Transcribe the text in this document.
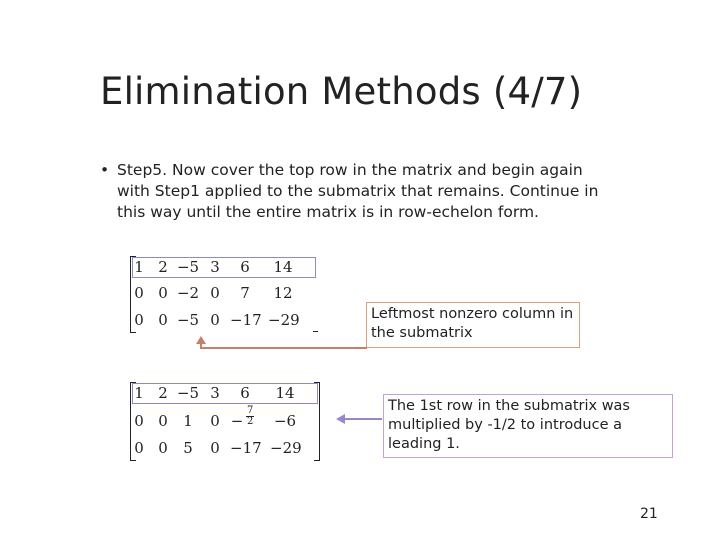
Elimination Methods (4/7)
• Step5. Now cover the top row in the matrix and begin again with Step1 applied to the submatrix that remains. Continue in this way until the entire matrix is in row-echelon form.
1 2 −5 3	6	14
0 0 −2 0	7	12
0 0 −5 0 −17 −29
1 2 −5 3	6	14
0 0	1	$0 - \frac{7}{2} -6$
0 0	5	0 −17 −29
Leftmost nonzero column in the submatrix
The 1st row in the submatrix was multiplied by -1/2 to introduce a leading 1.
21
